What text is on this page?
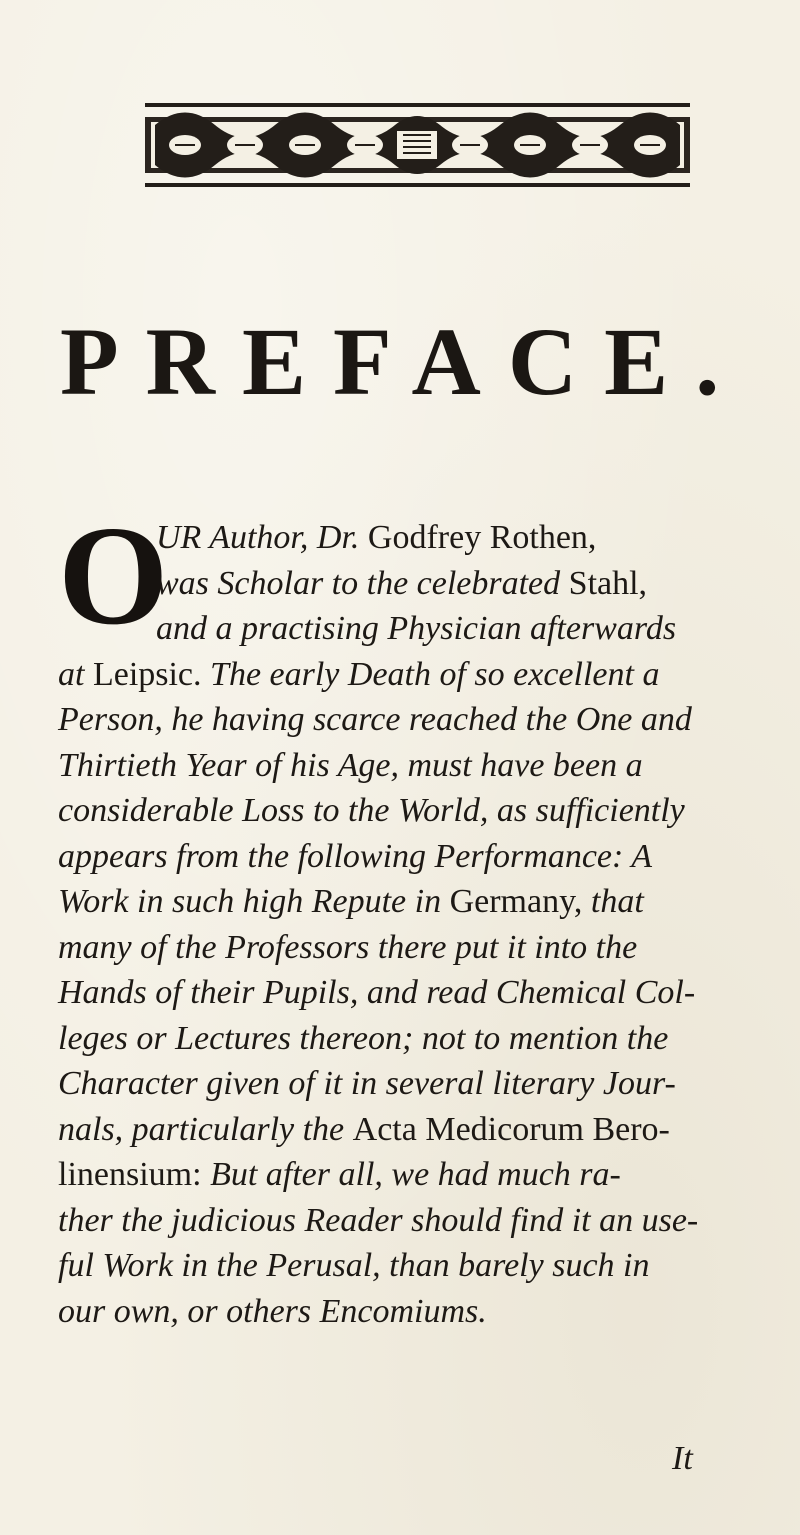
PREFACE.
O
UR Author, Dr. Godfrey Rothen,
was Scholar to the celebrated Stahl,
and a practising Physician afterwards
at Leipsic. The early Death of so excellent a
Person, he having scarce reached the One and
Thirtieth Year of his Age, must have been a
considerable Loss to the World, as sufficiently
appears from the following Performance: A
Work in such high Repute in Germany, that
many of the Professors there put it into the
Hands of their Pupils, and read Chemical Col-
leges or Lectures thereon; not to mention the
Character given of it in several literary Jour-
nals, particularly the Acta Medicorum Bero-
linensium: But after all, we had much ra-
ther the judicious Reader should find it an use-
ful Work in the Perusal, than barely such in
our own, or others Encomiums.
It
